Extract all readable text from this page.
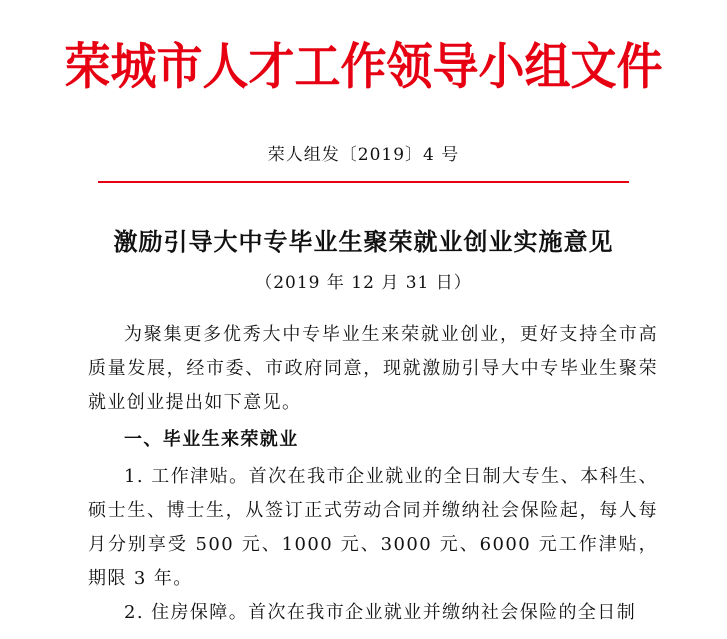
荣城市人才工作领导小组文件
荣人组发〔2019〕4 号
激励引导大中专毕业生聚荣就业创业实施意见
（2019 年 12 月 31 日）

为聚集更多优秀大中专毕业生来荣就业创业，更好支持全市高质量发展，经市委、市政府同意，现就激励引导大中专毕业生聚荣就业创业提出如下意见。

一、毕业生来荣就业

1. 工作津贴。首次在我市企业就业的全日制大专生、本科生、硕士生、博士生，从签订正式劳动合同并缴纳社会保险起，每人每月分别享受 500 元、1000 元、3000 元、6000 元工作津贴，期限 3 年。

2. 住房保障。首次在我市企业就业并缴纳社会保险的全日制
